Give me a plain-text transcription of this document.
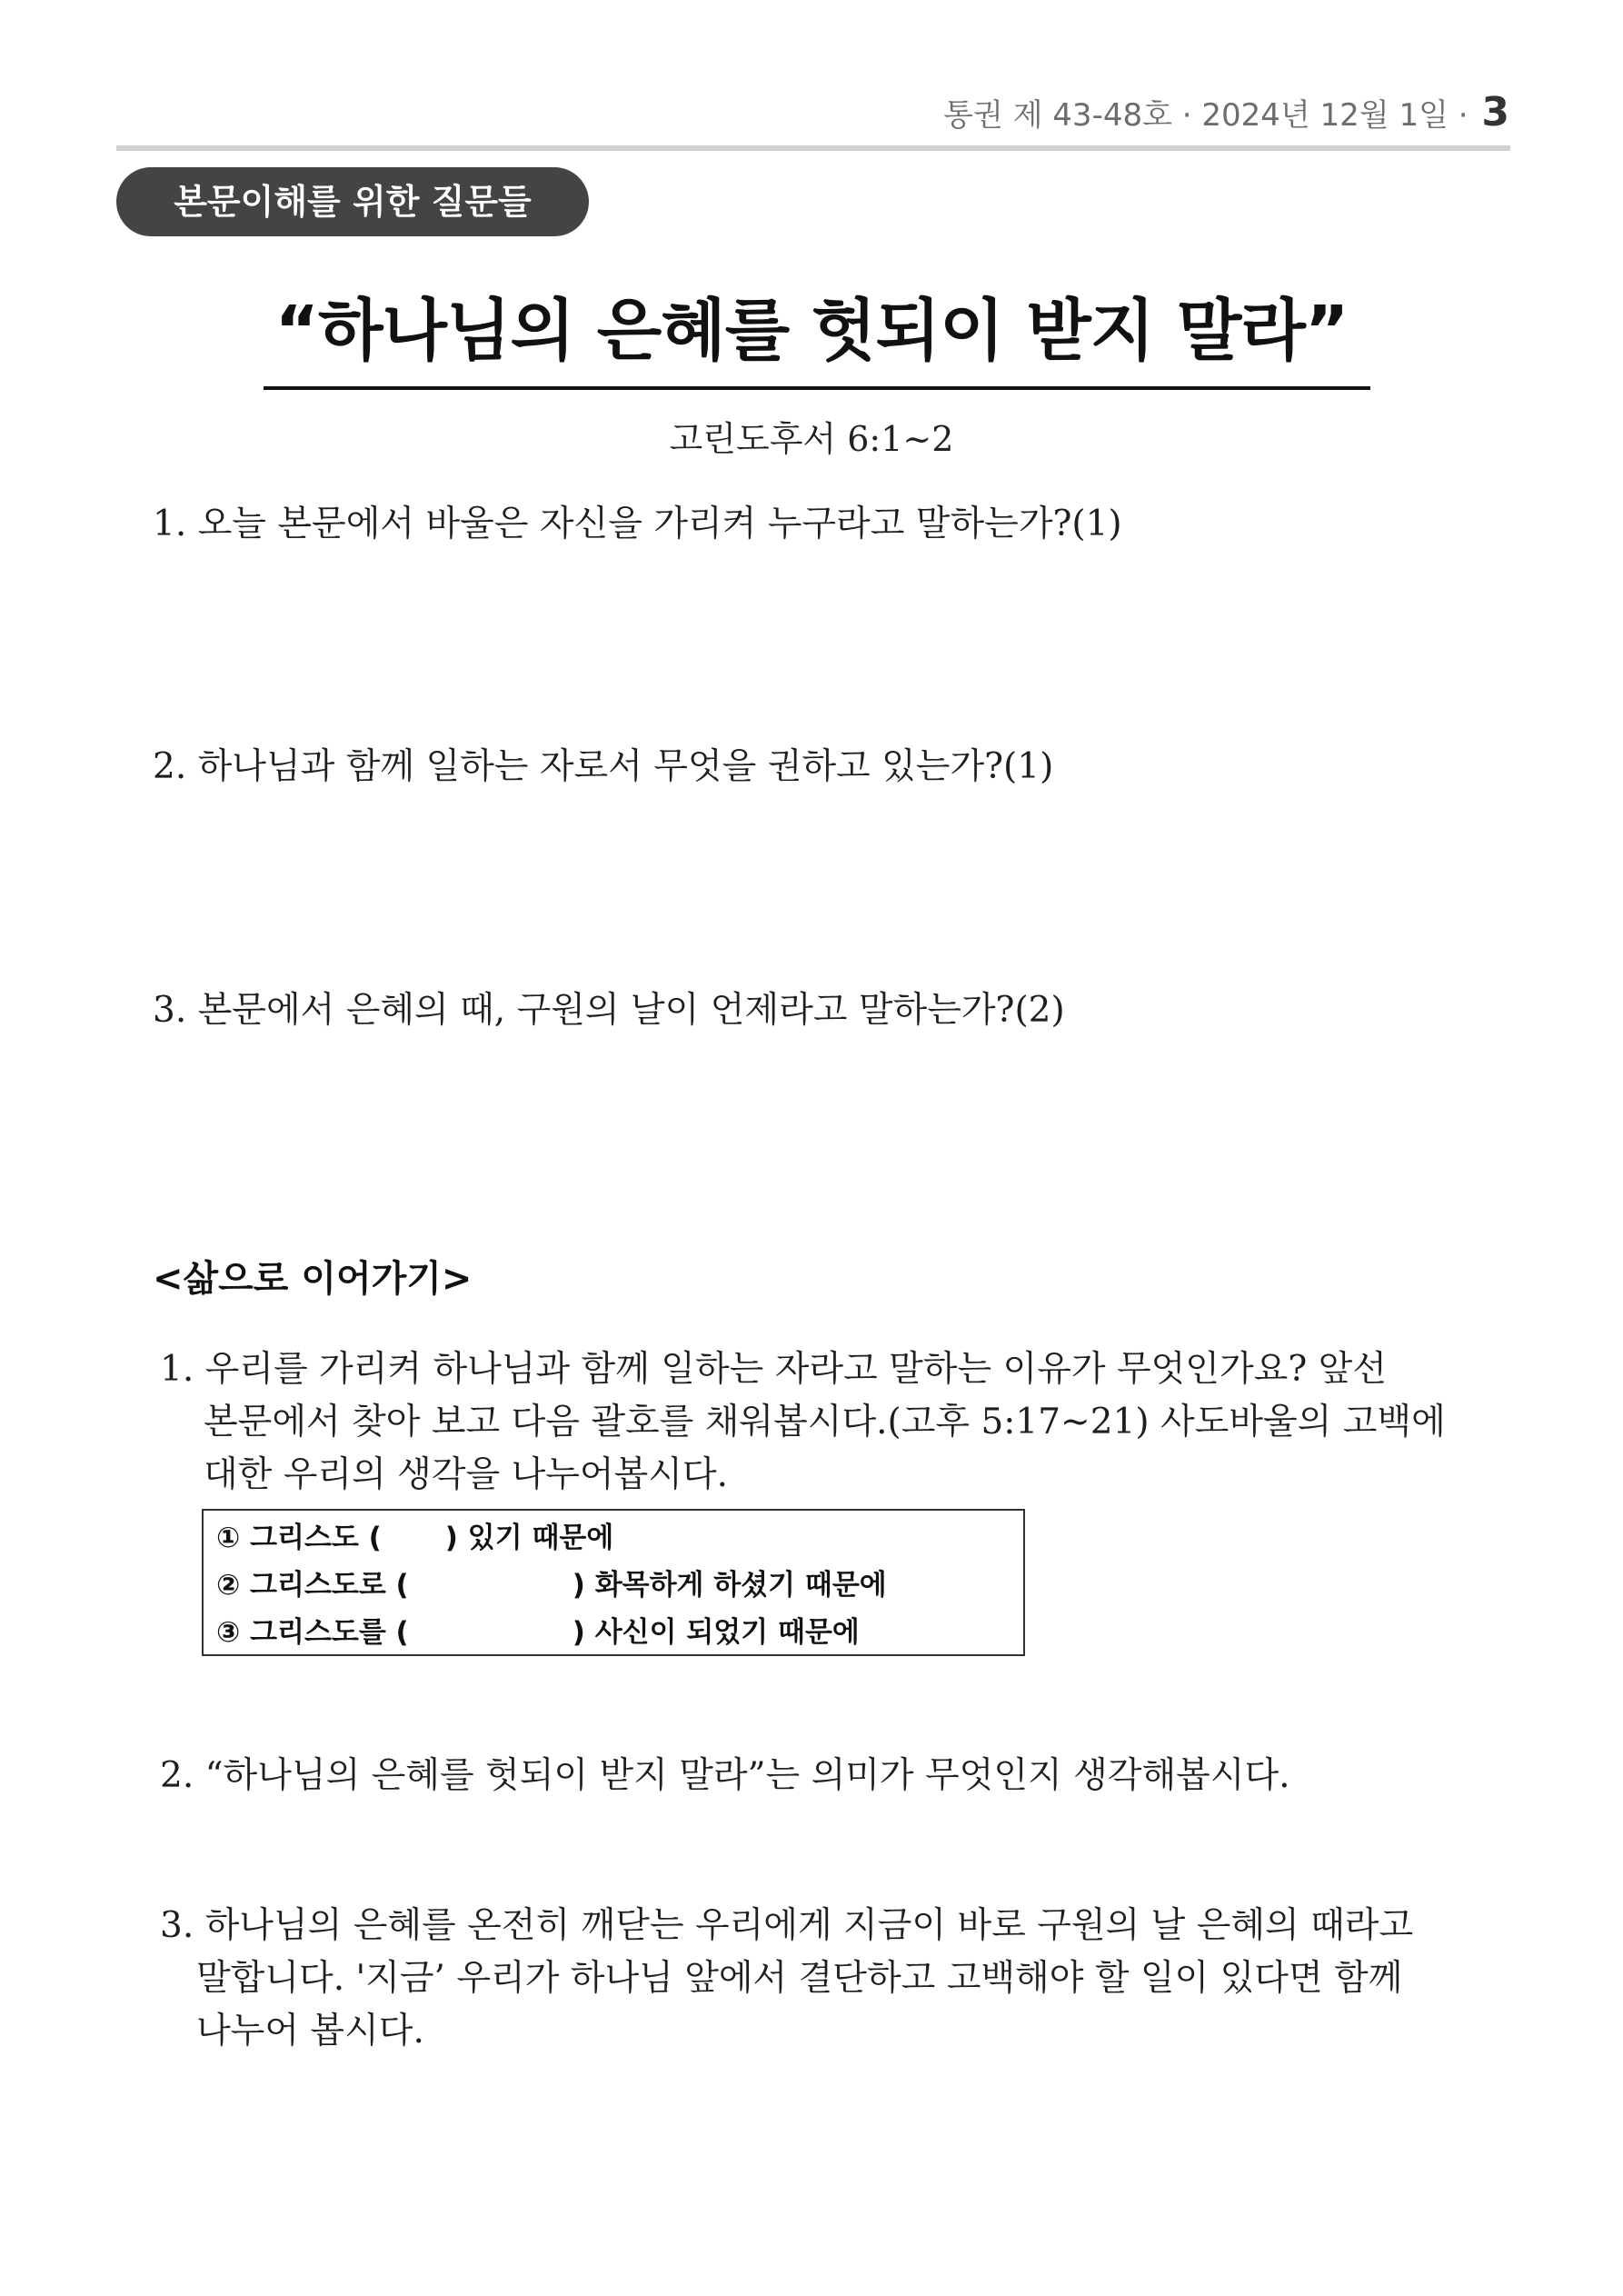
통권 제 43-48호 · 2024년 12월 1일 · 3
본문이해를 위한 질문들
“하나님의 은혜를 헛되이 받지 말라”
고린도후서 6:1~2
1. 오늘 본문에서 바울은 자신을 가리켜 누구라고 말하는가?(1)
2. 하나님과 함께 일하는 자로서 무엇을 권하고 있는가?(1)
3. 본문에서 은혜의 때, 구원의 날이 언제라고 말하는가?(2)
<삶으로 이어가기>
1. 우리를 가리켜 하나님과 함께 일하는 자라고 말하는 이유가 무엇인가요? 앞선
본문에서 찾아 보고 다음 괄호를 채워봅시다.(고후 5:17~21) 사도바울의 고백에
대한 우리의 생각을 나누어봅시다.
① 그리스도 ( ) 있기 때문에
② 그리스도로 (	) 화목하게 하셨기 때문에
③ 그리스도를 (	) 사신이 되었기 때문에
2. “하나님의 은혜를 헛되이 받지 말라”는 의미가 무엇인지 생각해봅시다.
3. 하나님의 은혜를 온전히 깨닫는 우리에게 지금이 바로 구원의 날 은혜의 때라고
말합니다. '지금’ 우리가 하나님 앞에서 결단하고 고백해야 할 일이 있다면 함께
나누어 봅시다.
